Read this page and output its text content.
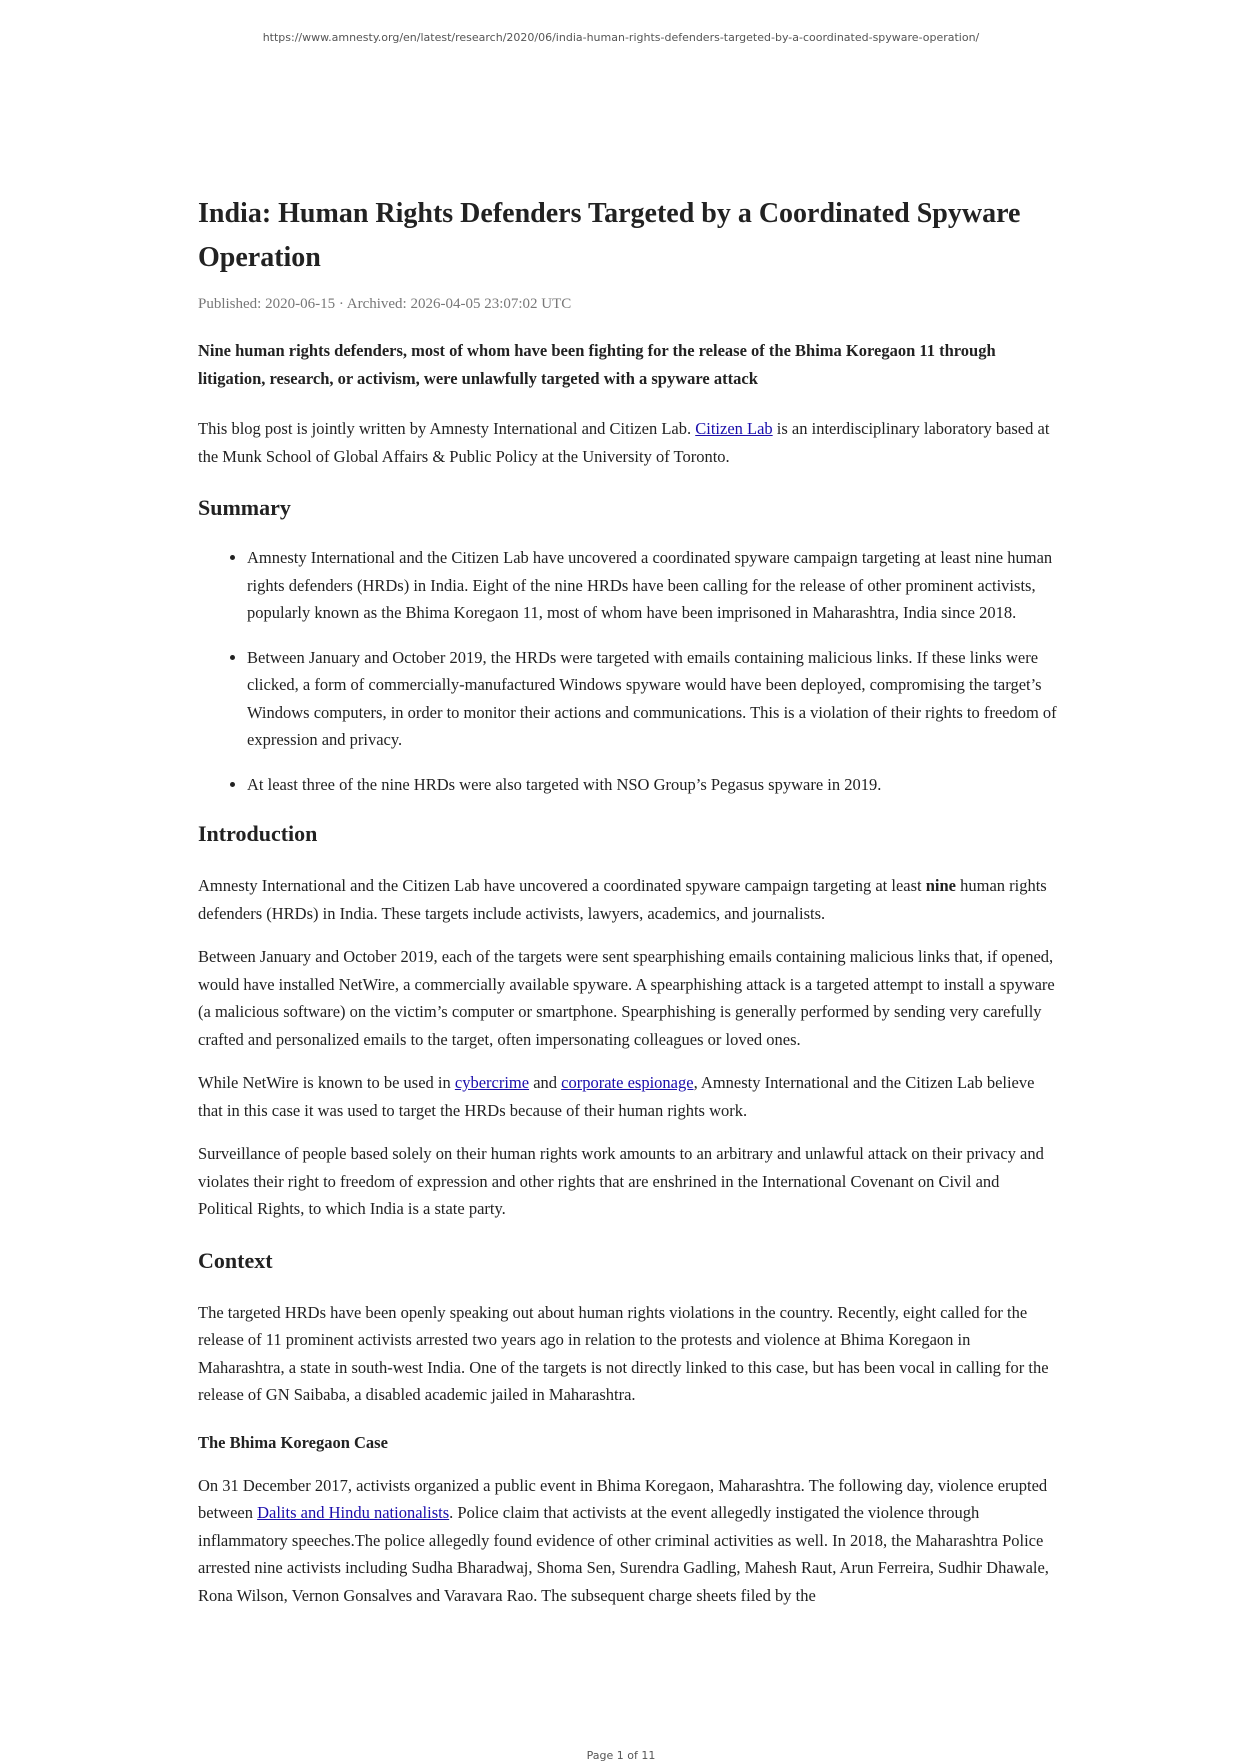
https://www.amnesty.org/en/latest/research/2020/06/india-human-rights-defenders-targeted-by-a-coordinated-spyware-operation/
India: Human Rights Defenders Targeted by a Coordinated Spyware Operation
Published: 2020-06-15 · Archived: 2026-04-05 23:07:02 UTC

Nine human rights defenders, most of whom have been fighting for the release of the Bhima Koregaon 11 through litigation, research, or activism, were unlawfully targeted with a spyware attack

This blog post is jointly written by Amnesty International and Citizen Lab. Citizen Lab is an interdisciplinary laboratory based at the Munk School of Global Affairs & Public Policy at the University of Toronto.

Summary
• Amnesty International and the Citizen Lab have uncovered a coordinated spyware campaign targeting at least nine human rights defenders (HRDs) in India. Eight of the nine HRDs have been calling for the release of other prominent activists, popularly known as the Bhima Koregaon 11, most of whom have been imprisoned in Maharashtra, India since 2018.
• Between January and October 2019, the HRDs were targeted with emails containing malicious links. If these links were clicked, a form of commercially-manufactured Windows spyware would have been deployed, compromising the target’s Windows computers, in order to monitor their actions and communications. This is a violation of their rights to freedom of expression and privacy.
• At least three of the nine HRDs were also targeted with NSO Group’s Pegasus spyware in 2019.
Introduction

Amnesty International and the Citizen Lab have uncovered a coordinated spyware campaign targeting at least nine human rights defenders (HRDs) in India. These targets include activists, lawyers, academics, and journalists.

Between January and October 2019, each of the targets were sent spearphishing emails containing malicious links that, if opened, would have installed NetWire, a commercially available spyware. A spearphishing attack is a targeted attempt to install a spyware (a malicious software) on the victim’s computer or smartphone. Spearphishing is generally performed by sending very carefully crafted and personalized emails to the target, often impersonating colleagues or loved ones.

While NetWire is known to be used in cybercrime and corporate espionage, Amnesty International and the Citizen Lab believe that in this case it was used to target the HRDs because of their human rights work.

Surveillance of people based solely on their human rights work amounts to an arbitrary and unlawful attack on their privacy and violates their right to freedom of expression and other rights that are enshrined in the International Covenant on Civil and Political Rights, to which India is a state party.

Context

The targeted HRDs have been openly speaking out about human rights violations in the country. Recently, eight called for the release of 11 prominent activists arrested two years ago in relation to the protests and violence at Bhima Koregaon in Maharashtra, a state in south-west India. One of the targets is not directly linked to this case, but has been vocal in calling for the release of GN Saibaba, a disabled academic jailed in Maharashtra.

The Bhima Koregaon Case

On 31 December 2017, activists organized a public event in Bhima Koregaon, Maharashtra. The following day, violence erupted between Dalits and Hindu nationalists. Police claim that activists at the event allegedly instigated the violence through inflammatory speeches.The police allegedly found evidence of other criminal activities as well. In 2018, the Maharashtra Police arrested nine activists including Sudha Bharadwaj, Shoma Sen, Surendra Gadling, Mahesh Raut, Arun Ferreira, Sudhir Dhawale, Rona Wilson, Vernon Gonsalves and Varavara Rao. The subsequent charge sheets filed by the

Page 1 of 11
